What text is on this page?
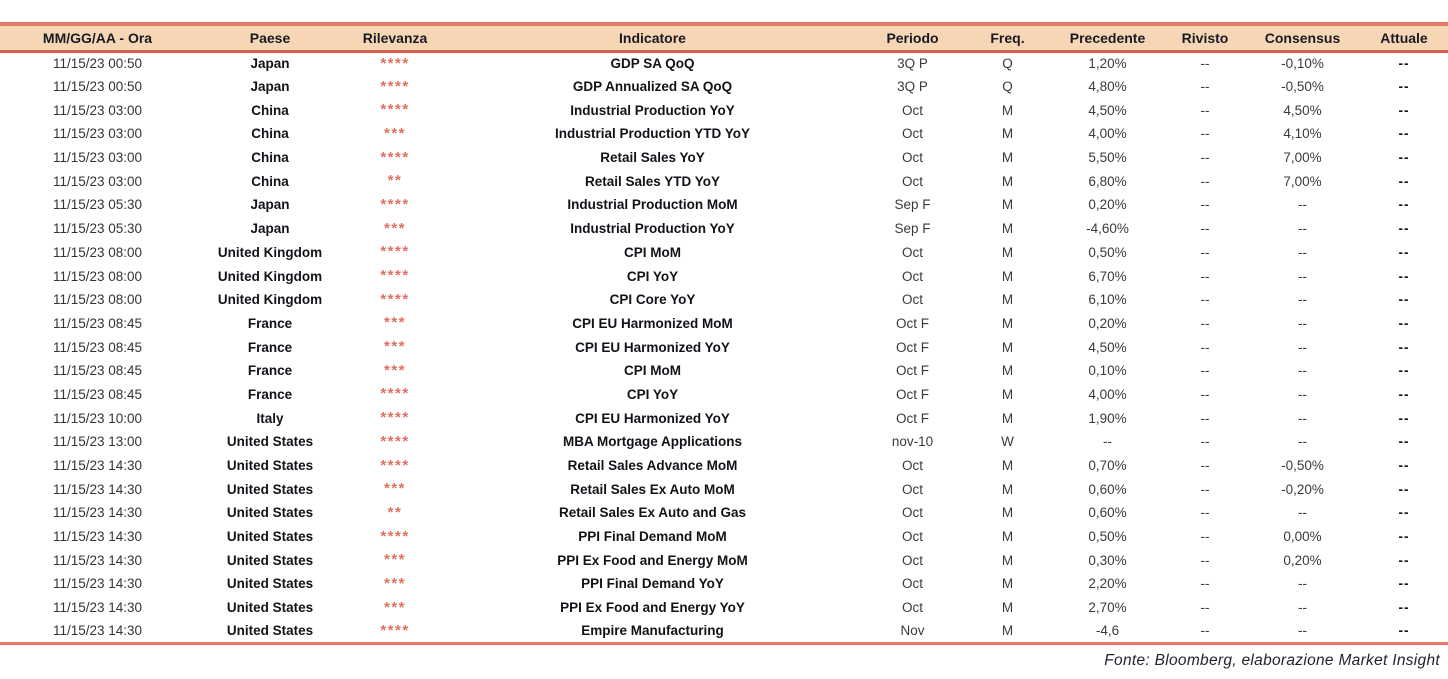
MM/GG/AA - Ora	Paese	Rilevanza	Indicatore	Periodo	Freq.	Precedente	Rivisto	Consensus	Attuale
11/15/23 00:50	Japan	****	GDP SA QoQ	3Q P	Q	1,20%	--	-0,10%	--
11/15/23 00:50	Japan	****	GDP Annualized SA QoQ	3Q P	Q	4,80%	--	-0,50%	--
11/15/23 03:00	China	****	Industrial Production YoY	Oct	M	4,50%	--	4,50%	--
11/15/23 03:00	China	***	Industrial Production YTD YoY	Oct	M	4,00%	--	4,10%	--
11/15/23 03:00	China	****	Retail Sales YoY	Oct	M	5,50%	--	7,00%	--
11/15/23 03:00	China	**	Retail Sales YTD YoY	Oct	M	6,80%	--	7,00%	--
11/15/23 05:30	Japan	****	Industrial Production MoM	Sep F	M	0,20%	--	--	--
11/15/23 05:30	Japan	***	Industrial Production YoY	Sep F	M	-4,60%	--	--	--
11/15/23 08:00	United Kingdom	****	CPI MoM	Oct	M	0,50%	--	--	--
11/15/23 08:00	United Kingdom	****	CPI YoY	Oct	M	6,70%	--	--	--
11/15/23 08:00	United Kingdom	****	CPI Core YoY	Oct	M	6,10%	--	--	--
11/15/23 08:45	France	***	CPI EU Harmonized MoM	Oct F	M	0,20%	--	--	--
11/15/23 08:45	France	***	CPI EU Harmonized YoY	Oct F	M	4,50%	--	--	--
11/15/23 08:45	France	***	CPI MoM	Oct F	M	0,10%	--	--	--
11/15/23 08:45	France	****	CPI YoY	Oct F	M	4,00%	--	--	--
11/15/23 10:00	Italy	****	CPI EU Harmonized YoY	Oct F	M	1,90%	--	--	--
11/15/23 13:00	United States	****	MBA Mortgage Applications	nov-10	W	--	--	--	--
11/15/23 14:30	United States	****	Retail Sales Advance MoM	Oct	M	0,70%	--	-0,50%	--
11/15/23 14:30	United States	***	Retail Sales Ex Auto MoM	Oct	M	0,60%	--	-0,20%	--
11/15/23 14:30	United States	**	Retail Sales Ex Auto and Gas	Oct	M	0,60%	--	--	--
11/15/23 14:30	United States	****	PPI Final Demand MoM	Oct	M	0,50%	--	0,00%	--
11/15/23 14:30	United States	***	PPI Ex Food and Energy MoM	Oct	M	0,30%	--	0,20%	--
11/15/23 14:30	United States	***	PPI Final Demand YoY	Oct	M	2,20%	--	--	--
11/15/23 14:30	United States	***	PPI Ex Food and Energy YoY	Oct	M	2,70%	--	--	--
11/15/23 14:30	United States	****	Empire Manufacturing	Nov	M	-4,6	--	--	--
Fonte: Bloomberg, elaborazione Market Insight
